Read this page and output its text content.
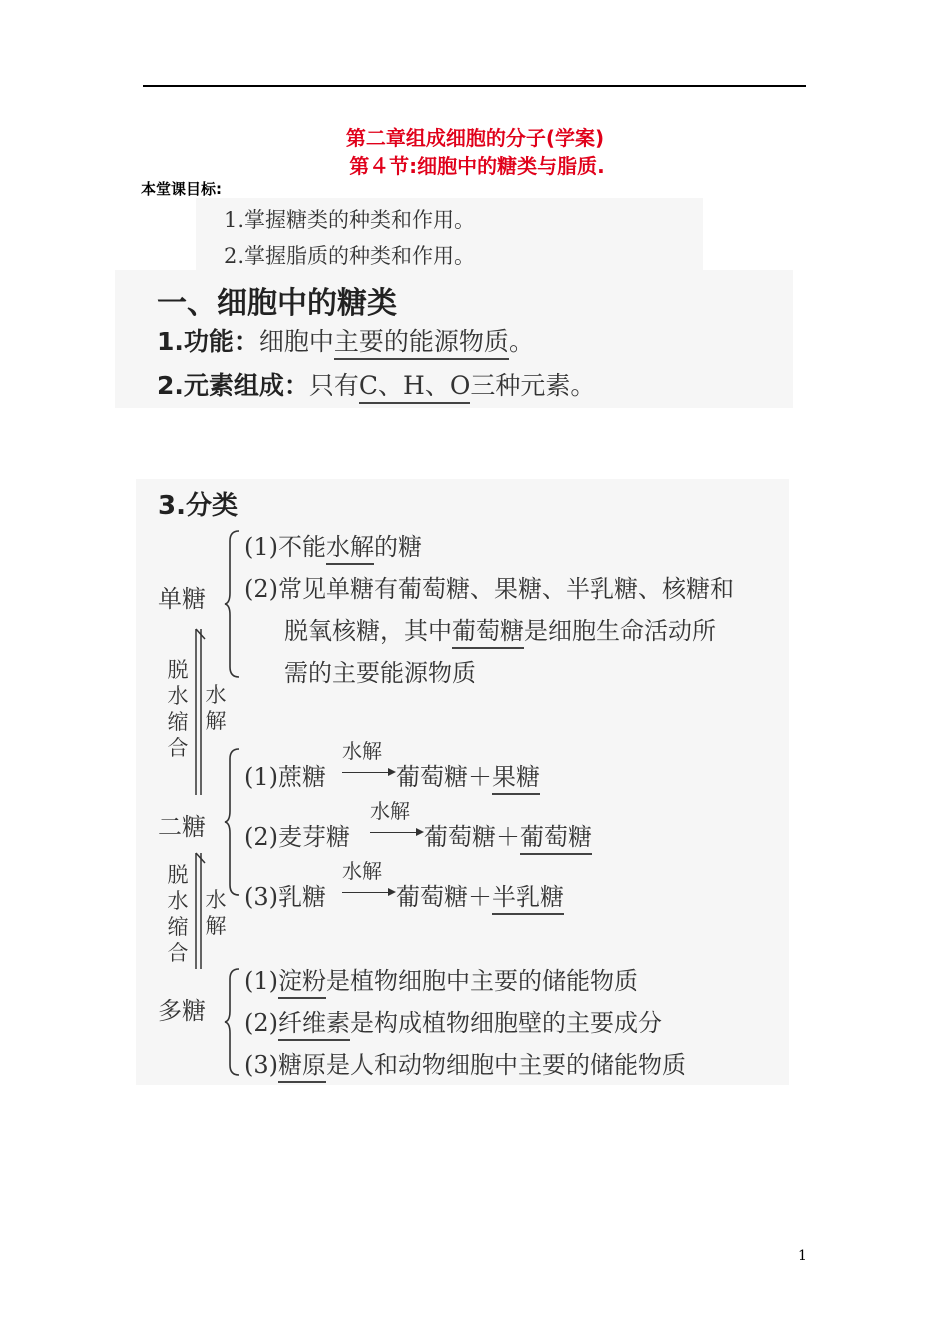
第二章组成细胞的分子(学案)
第４节:细胞中的糖类与脂质.
本堂课目标:
1.掌握糖类的种类和作用。
2.掌握脂质的种类和作用。
一、细胞中的糖类
1.功能：细胞中主要的能源物质。
2.元素组成：只有C、H、O三种元素。
3.分类
单糖
(1)不能水解的糖
(2)常见单糖有葡萄糖、果糖、半乳糖、核糖和
脱氧核糖，其中葡萄糖是细胞生命活动所
需的主要能源物质
脱
水
缩
合
水
解
二糖
(1)蔗糖
水解
葡萄糖＋果糖
(2)麦芽糖
水解
葡萄糖＋葡萄糖
(3)乳糖
水解
葡萄糖＋半乳糖
脱
水
缩
合
水
解
多糖
(1)淀粉是植物细胞中主要的储能物质
(2)纤维素是构成植物细胞壁的主要成分
(3)糖原是人和动物细胞中主要的储能物质
1
